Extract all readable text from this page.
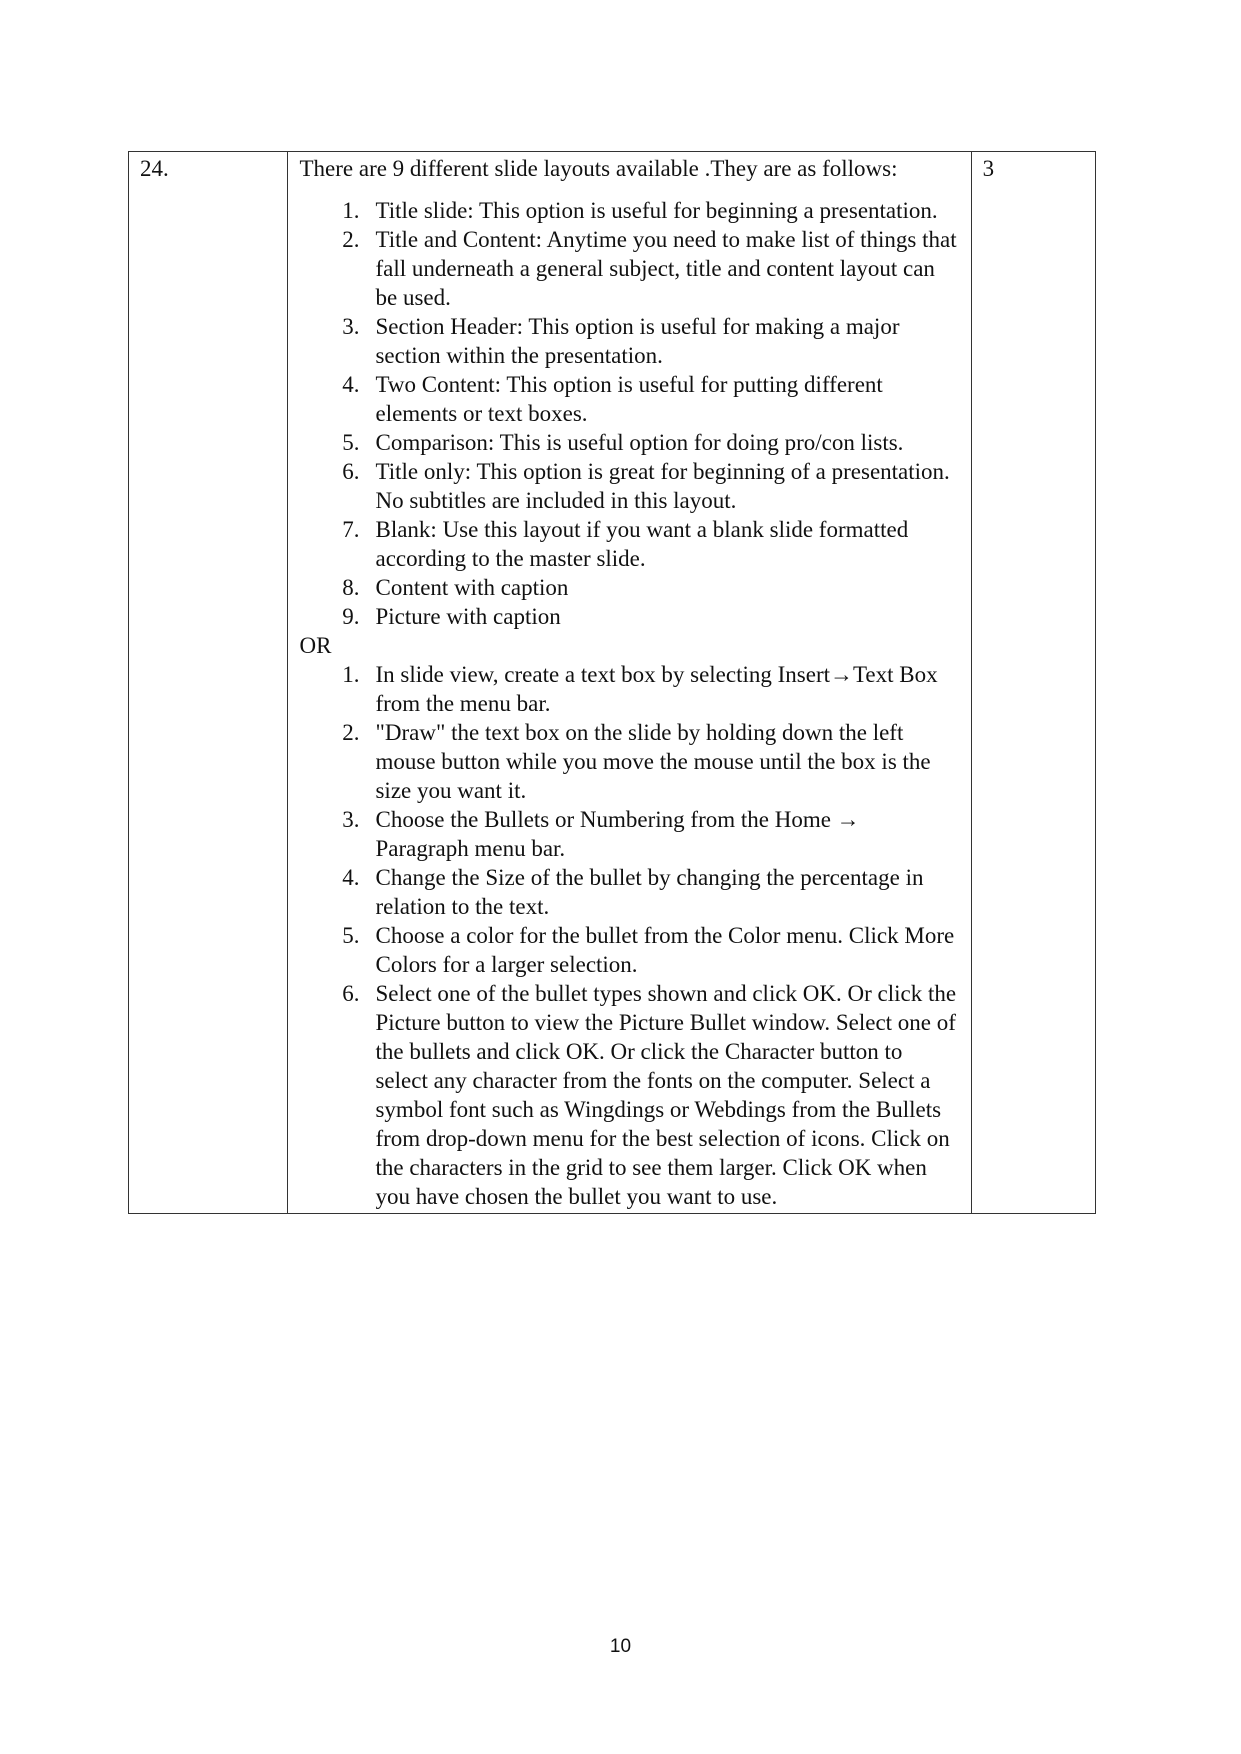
24.	There are 9 different slide layouts available .They are as follows:

1. Title slide: This option is useful for beginning a presentation.
2. Title and Content: Anytime you need to make list of things that fall underneath a general subject, title and content layout can be used.
3. Section Header: This option is useful for making a major section within the presentation.
4. Two Content: This option is useful for putting different elements or text boxes.
5. Comparison: This is useful option for doing pro/con lists.
6. Title only: This option is great for beginning of a presentation. No subtitles are included in this layout.
7. Blank: Use this layout if you want a blank slide formatted according to the master slide.
8. Content with caption
9. Picture with caption

OR

1. In slide view, create a text box by selecting Insert→Text Box from the menu bar.
2. "Draw" the text box on the slide by holding down the left mouse button while you move the mouse until the box is the size you want it.
3. Choose the Bullets or Numbering from the Home → Paragraph menu bar.
4. Change the Size of the bullet by changing the percentage in relation to the text.
5. Choose a color for the bullet from the Color menu. Click More Colors for a larger selection.
6. Select one of the bullet types shown and click OK. Or click the Picture button to view the Picture Bullet window. Select one of the bullets and click OK. Or click the Character button to select any character from the fonts on the computer. Select a symbol font such as Wingdings or Webdings from the Bullets from drop-down menu for the best selection of icons. Click on the characters in the grid to see them larger. Click OK when you have chosen the bullet you want to use.
	3
10
